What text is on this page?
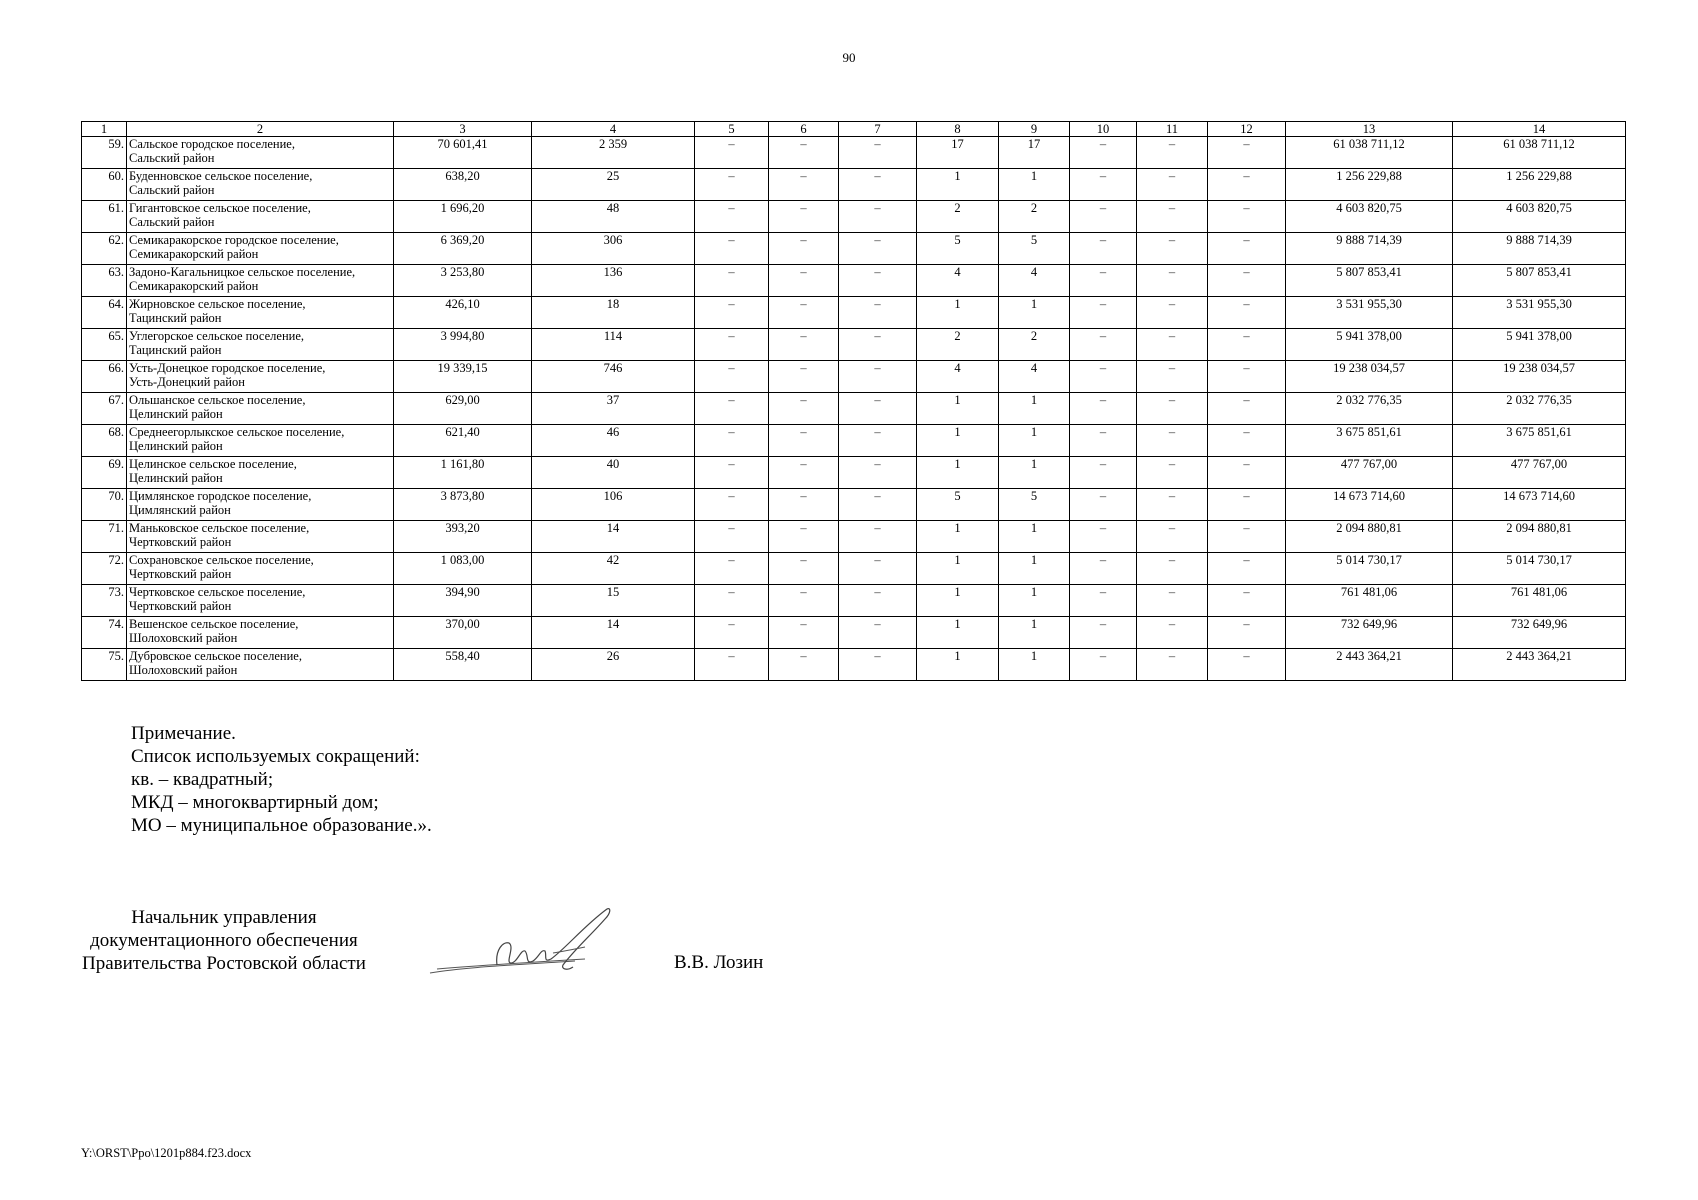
90
1	2	3	4	5	6	7	8	9	10	11	12	13	14
59.	Сальское городское поселение,
Сальский район	70 601,41	2 359	–	–	–	17	17	–	–	–	61 038 711,12	61 038 711,12
60.	Буденновское сельское поселение,
Сальский район	638,20	25	–	–	–	1	1	–	–	–	1 256 229,88	1 256 229,88
61.	Гигантовское сельское поселение,
Сальский район	1 696,20	48	–	–	–	2	2	–	–	–	4 603 820,75	4 603 820,75
62.	Семикаракорское городское поселение,
Семикаракорский район	6 369,20	306	–	–	–	5	5	–	–	–	9 888 714,39	9 888 714,39
63.	Задоно-Кагальницкое сельское поселение,
Семикаракорский район	3 253,80	136	–	–	–	4	4	–	–	–	5 807 853,41	5 807 853,41
64.	Жирновское сельское поселение,
Тацинский район	426,10	18	–	–	–	1	1	–	–	–	3 531 955,30	3 531 955,30
65.	Углегорское сельское поселение,
Тацинский район	3 994,80	114	–	–	–	2	2	–	–	–	5 941 378,00	5 941 378,00
66.	Усть-Донецкое городское поселение,
Усть-Донецкий район	19 339,15	746	–	–	–	4	4	–	–	–	19 238 034,57	19 238 034,57
67.	Ольшанское сельское поселение,
Целинский район	629,00	37	–	–	–	1	1	–	–	–	2 032 776,35	2 032 776,35
68.	Среднеегорлыкское сельское поселение,
Целинский район	621,40	46	–	–	–	1	1	–	–	–	3 675 851,61	3 675 851,61
69.	Целинское сельское поселение,
Целинский район	1 161,80	40	–	–	–	1	1	–	–	–	477 767,00	477 767,00
70.	Цимлянское городское поселение,
Цимлянский район	3 873,80	106	–	–	–	5	5	–	–	–	14 673 714,60	14 673 714,60
71.	Маньковское сельское поселение,
Чертковский район	393,20	14	–	–	–	1	1	–	–	–	2 094 880,81	2 094 880,81
72.	Сохрановское сельское поселение,
Чертковский район	1 083,00	42	–	–	–	1	1	–	–	–	5 014 730,17	5 014 730,17
73.	Чертковское сельское поселение,
Чертковский район	394,90	15	–	–	–	1	1	–	–	–	761 481,06	761 481,06
74.	Вешенское сельское поселение,
Шолоховский район	370,00	14	–	–	–	1	1	–	–	–	732 649,96	732 649,96
75.	Дубровское сельское поселение,
Шолоховский район	558,40	26	–	–	–	1	1	–	–	–	2 443 364,21	2 443 364,21
Примечание.
Список используемых сокращений:
кв. – квадратный;
МКД – многоквартирный дом;
МО – муниципальное образование.».
Начальник управления
документационного обеспечения
Правительства Ростовской области	В.В. Лозин
Y:\ORST\Ppo\1201p884.f23.docx
